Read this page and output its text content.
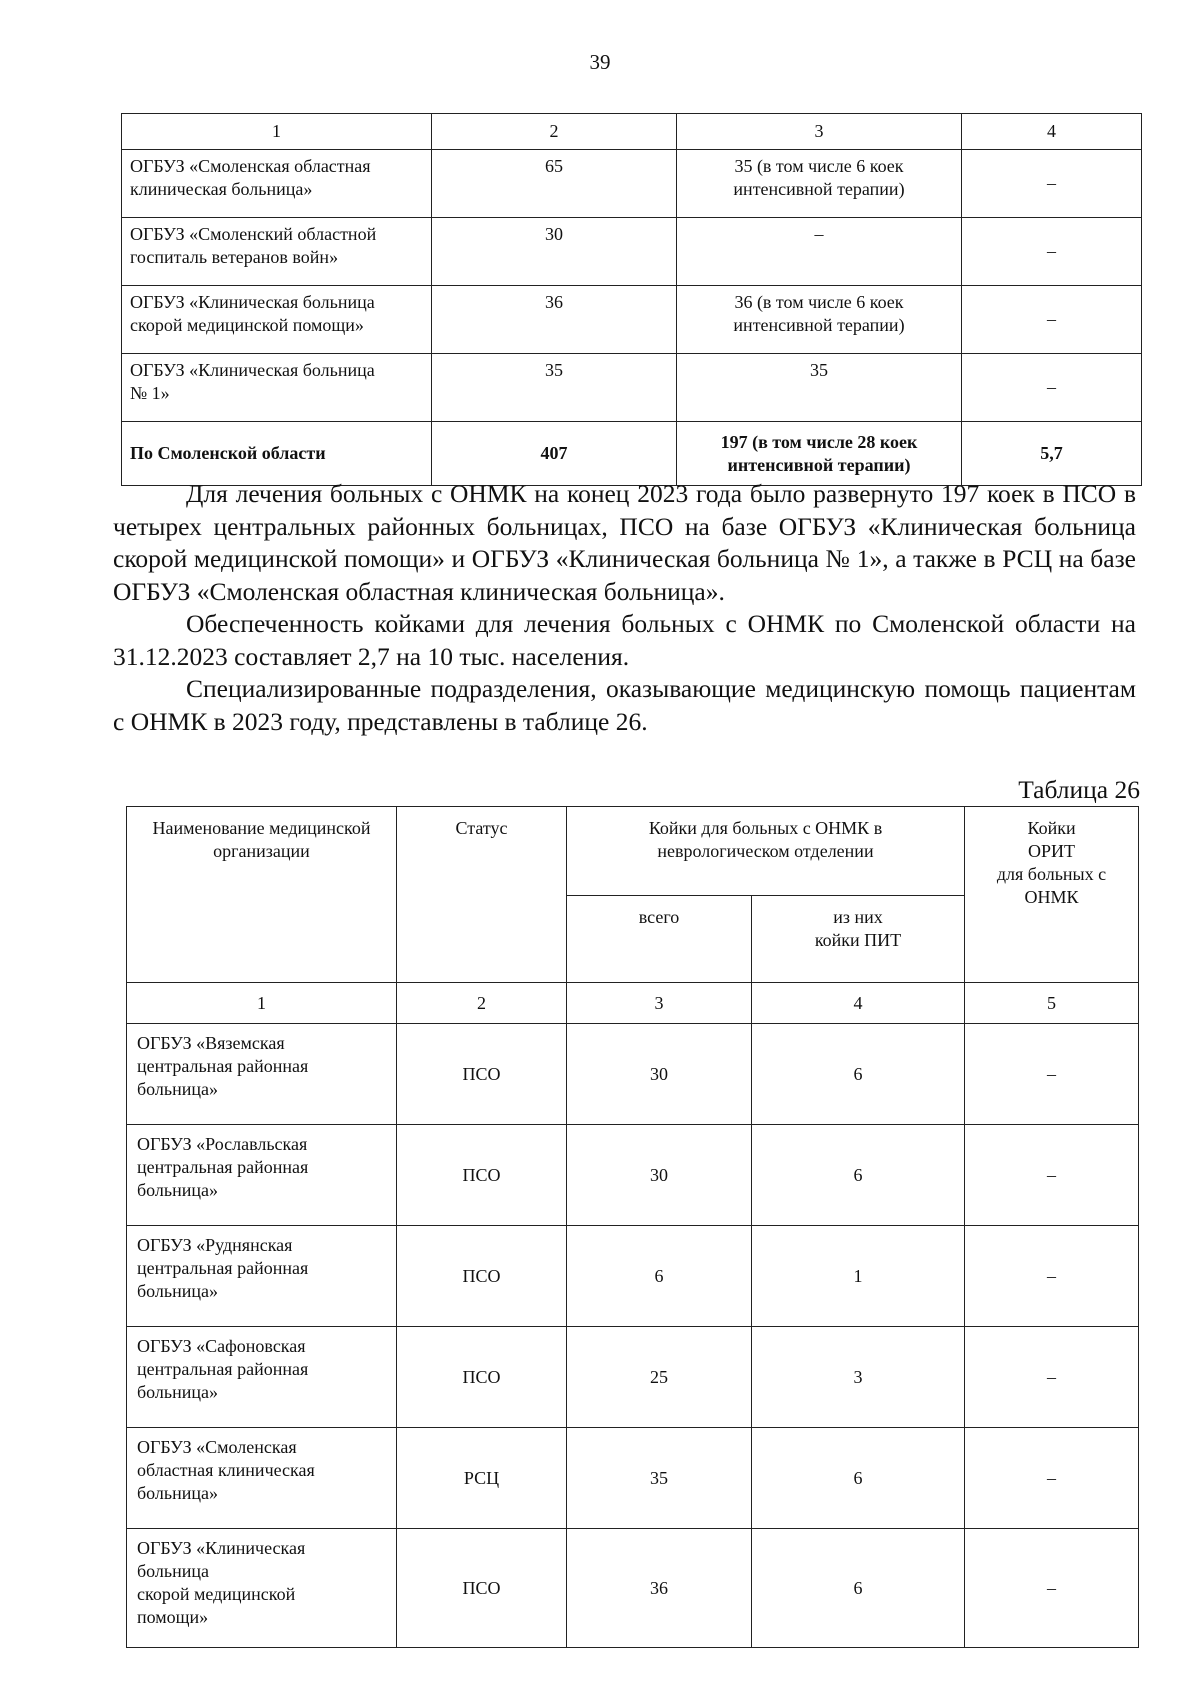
39
1	2	3	4
ОГБУЗ «Смоленская областная
клиническая больница»	65	35 (в том числе 6 коек
интенсивной терапии)	–
ОГБУЗ «Смоленский областной
госпиталь ветеранов войн»	30	–	–
ОГБУЗ «Клиническая больница
скорой медицинской помощи»	36	36 (в том числе 6 коек
интенсивной терапии)	–
ОГБУЗ «Клиническая больница
№ 1»	35	35	–
По Смоленской области	407	197 (в том числе 28 коек
интенсивной терапии)	5,7

Для лечения больных с ОНМК на конец 2023 года было развернуто 197 коек в ПСО в четырех центральных районных больницах, ПСО на базе ОГБУЗ «Клиническая больница скорой медицинской помощи» и ОГБУЗ «Клиническая больница № 1», а также в РСЦ на базе ОГБУЗ «Смоленская областная клиническая больница».

Обеспеченность койками для лечения больных с ОНМК по Смоленской области на 31.12.2023 составляет 2,7 на 10 тыс. населения.

Специализированные подразделения, оказывающие медицинскую помощь пациентам с ОНМК в 2023 году, представлены в таблице 26.

Таблица 26
Наименование медицинской
организации	Статус	Койки для больных с ОНМК в
неврологическом отделении		Койки
ОРИТ
для больных с
ОНМК
		всего	из них
койки ПИТ	
1	2	3	4	5
ОГБУЗ «Вяземская
центральная районная
больница»	ПСО	30	6	–
ОГБУЗ «Рославльская
центральная районная
больница»	ПСО	30	6	–
ОГБУЗ «Руднянская
центральная районная
больница»	ПСО	6	1	–
ОГБУЗ «Сафоновская
центральная районная
больница»	ПСО	25	3	–
ОГБУЗ «Смоленская
областная клиническая
больница»	РСЦ	35	6	–
ОГБУЗ «Клиническая
больница
скорой медицинской
помощи»	ПСО	36	6	–
